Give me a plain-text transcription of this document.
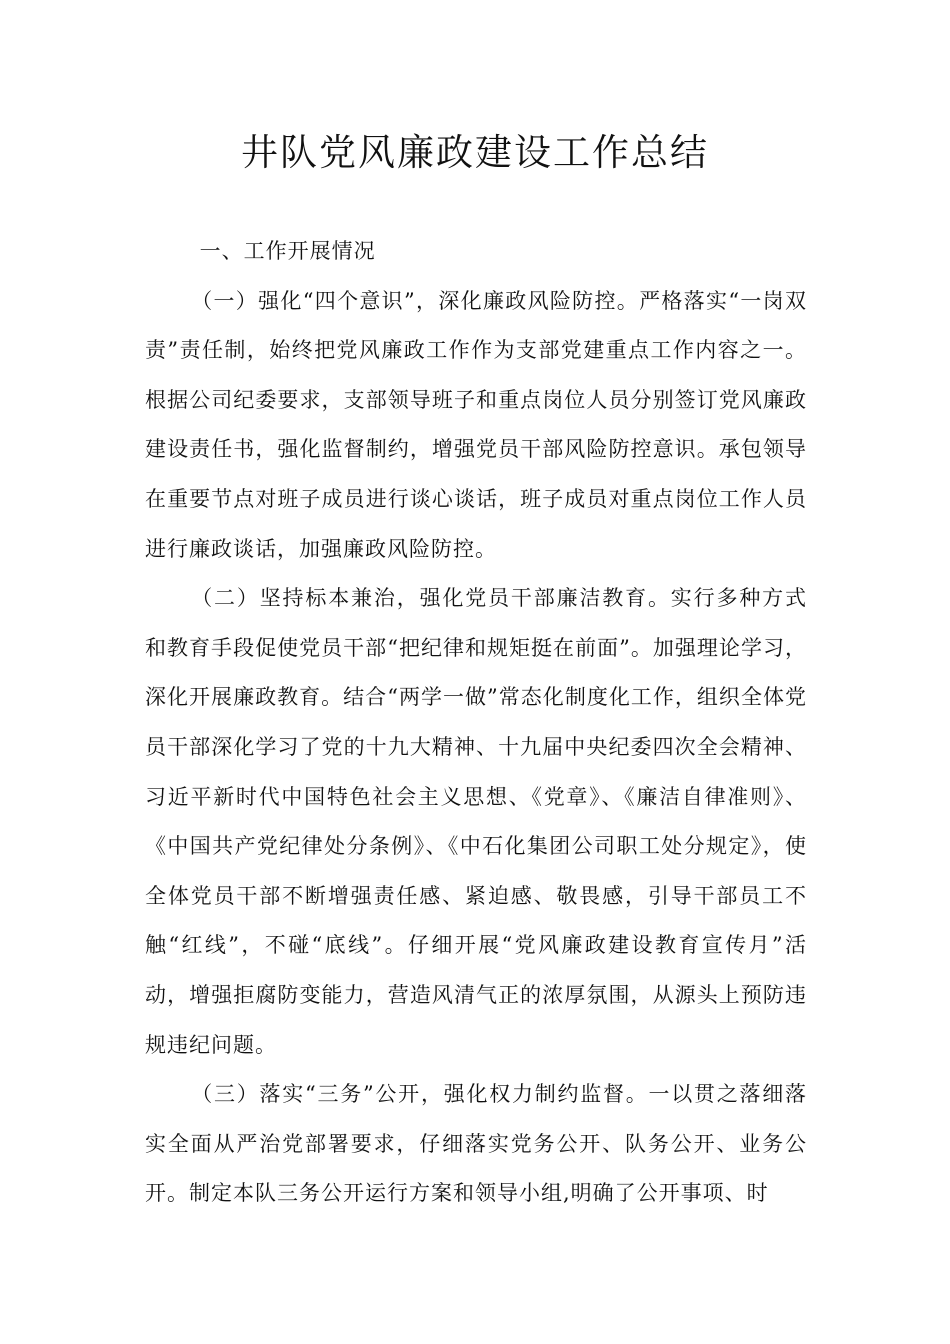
井队党风廉政建设工作总结

一、工作开展情况

（一）强化“四个意识”，深化廉政风险防控。严格落实“一岗双责”责任制，始终把党风廉政工作作为支部党建重点工作内容之一。根据公司纪委要求，支部领导班子和重点岗位人员分别签订党风廉政建设责任书，强化监督制约，增强党员干部风险防控意识。承包领导在重要节点对班子成员进行谈心谈话，班子成员对重点岗位工作人员进行廉政谈话，加强廉政风险防控。

（二）坚持标本兼治，强化党员干部廉洁教育。实行多种方式和教育手段促使党员干部“把纪律和规矩挺在前面”。加强理论学习，深化开展廉政教育。结合“两学一做”常态化制度化工作，组织全体党员干部深化学习了党的十九大精神、十九届中央纪委四次全会精神、习近平新时代中国特色社会主义思想、《党章》、《廉洁自律准则》、《中国共产党纪律处分条例》、《中石化集团公司职工处分规定》，使全体党员干部不断增强责任感、紧迫感、敬畏感，引导干部员工不触“红线”，不碰“底线”。仔细开展“党风廉政建设教育宣传月”活动，增强拒腐防变能力，营造风清气正的浓厚氛围，从源头上预防违规违纪问题。

（三）落实“三务”公开，强化权力制约监督。一以贯之落细落实全面从严治党部署要求，仔细落实党务公开、队务公开、业务公开。制定本队三务公开运行方案和领导小组,明确了公开事项、时
